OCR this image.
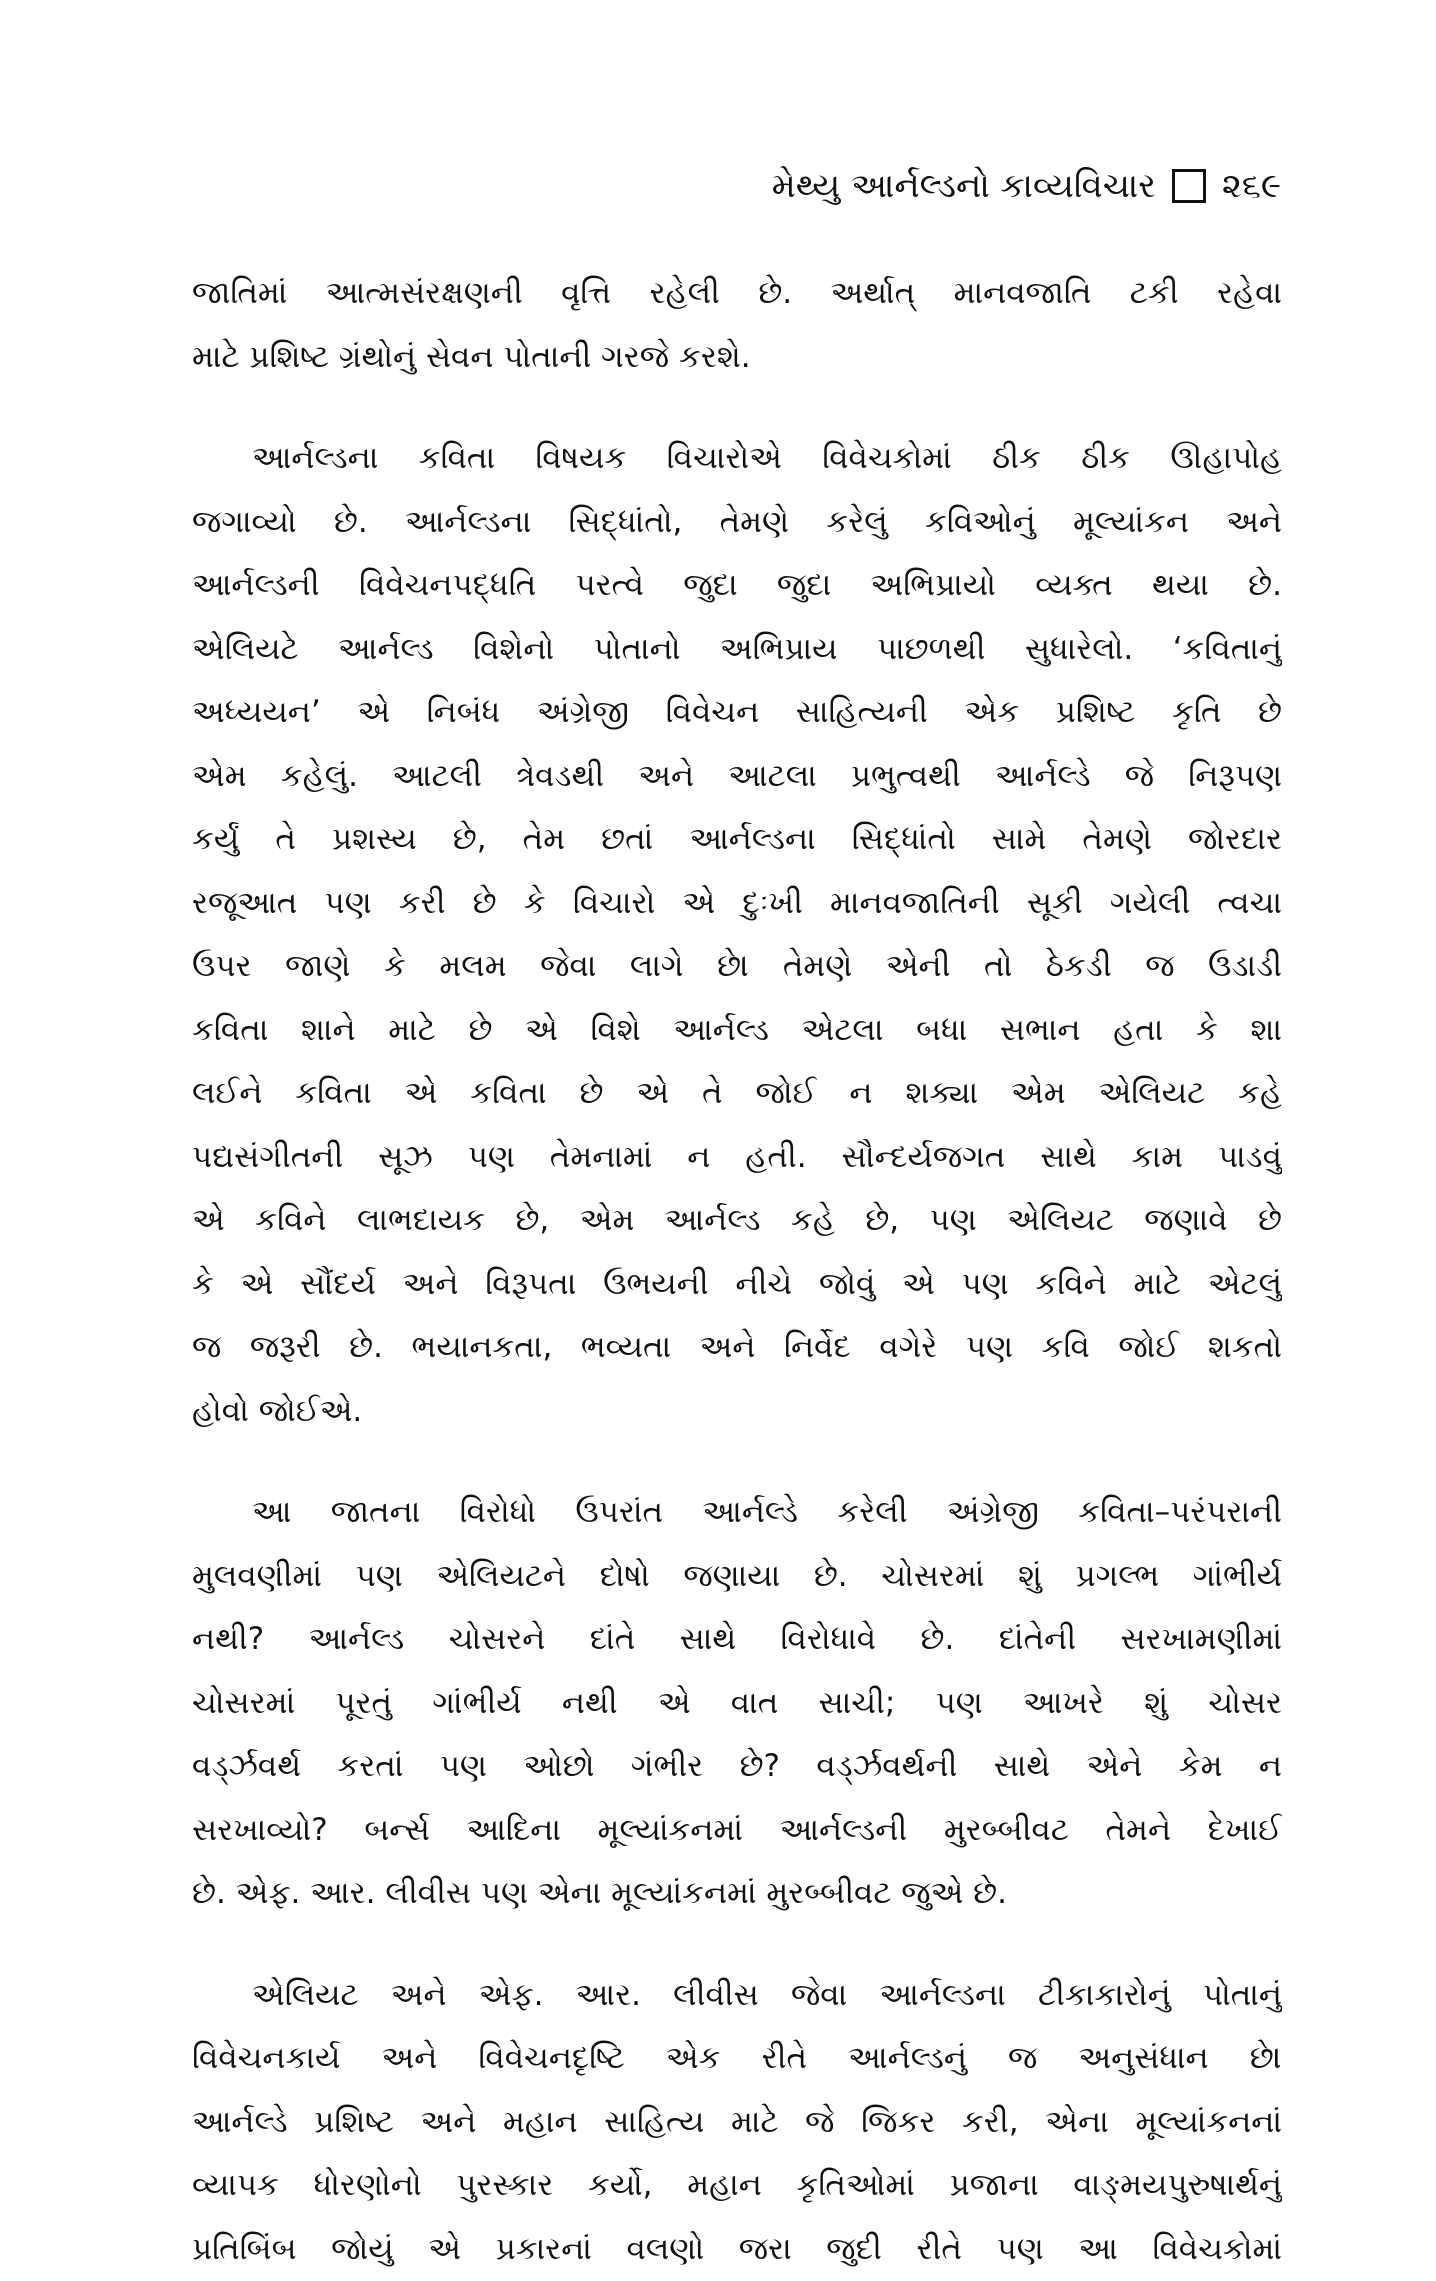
મેથ્યુ આર્નલ્ડનો કાવ્યવિચાર ૨૬૯

જાતિમાં આત્મસંરક્ષણની વૃત્તિ રહેલી છે. અર્થાત્ માનવજાતિ ટકી રહેવા
માટે પ્રશિષ્ટ ગ્રંથોનું સેવન પોતાની ગરજે કરશે.

આર્નલ્ડના કવિતા વિષયક વિચારોએ વિવેચકોમાં ઠીક ઠીક ઊહાપોહ
જગાવ્યો છે. આર્નલ્ડના સિદ્ધાંતો, તેમણે કરેલું કવિઓનું મૂલ્યાંકન અને
આર્નલ્ડની વિવેચનપદ્ધતિ પરત્વે જુદા જુદા અભિપ્રાયો વ્યક્ત થયા છે.
એલિયટે આર્નલ્ડ વિશેનો પોતાનો અભિપ્રાય પાછળથી સુધારેલો. ‘કવિતાનું
અધ્યયન’ એ નિબંધ અંગ્રેજી વિવેચન સાહિત્યની એક પ્રશિષ્ટ કૃતિ છે
એમ કહેલું. આટલી ત્રેવડથી અને આટલા પ્રભુત્વથી આર્નલ્ડે જે નિરૂપણ
કર્યું તે પ્રશસ્ય છે, તેમ છતાં આર્નલ્ડના સિદ્ધાંતો સામે તેમણે જોરદાર
રજૂઆત પણ કરી છે કે વિચારો એ દુઃખી માનવજાતિની સૂકી ગયેલી ત્વચા
ઉપર જાણે કે મલમ જેવા લાગે છે। તેમણે એની તો ઠેકડી જ ઉડાડી
કવિતા શાને માટે છે એ વિશે આર્નલ્ડ એટલા બધા સભાન હતા કે શા
લઈને કવિતા એ કવિતા છે એ તે જોઈ ન શક્યા એમ એલિયટ કહે
પદ્યસંગીતની સૂઝ પણ તેમનામાં ન હતી. સૌન્દર્યજગત સાથે કામ પાડવું
એ કવિને લાભદાયક છે, એમ આર્નલ્ડ કહે છે, પણ એલિયટ જણાવે છે
કે એ સૌંદર્ય અને વિરૂપતા ઉભયની નીચે જોવું એ પણ કવિને માટે એટલું
જ જરૂરી છે. ભયાનકતા, ભવ્યતા અને નિર્વેદ વગેરે પણ કવિ જોઈ શકતો
હોવો જોઈએ.

આ જાતના વિરોધો ઉપરાંત આર્નલ્ડે કરેલી અંગ્રેજી કવિતા–પરંપરાની
મુલવણીમાં પણ એલિયટને દોષો જણાયા છે. ચોસરમાં શું પ્રગલ્ભ ગાંભીર્ય
નથી? આર્નલ્ડ ચોસરને દાંતે સાથે વિરોધાવે છે. દાંતેની સરખામણીમાં
ચોસરમાં પૂરતું ગાંભીર્ય નથી એ વાત સાચી; પણ આખરે શું ચોસર
વર્ડ્ઝવર્થ કરતાં પણ ઓછો ગંભીર છે? વર્ડ્ઝવર્થની સાથે એને કેમ ન
સરખાવ્યો? બર્ન્સ આદિના મૂલ્યાંકનમાં આર્નલ્ડની મુરબ્બીવટ તેમને દેખાઈ
છે. એફ. આર. લીવીસ પણ એના મૂલ્યાંકનમાં મુરબ્બીવટ જુએ છે.

એલિયટ અને એફ. આર. લીવીસ જેવા આર્નલ્ડના ટીકાકારોનું પોતાનું
વિવેચનકાર્ય અને વિવેચનદૃષ્ટિ એક રીતે આર્નલ્ડનું જ અનુસંધાન છે।
આર્નલ્ડે પ્રશિષ્ટ અને મહાન સાહિત્ય માટે જે જિકર કરી, એના મૂલ્યાંકનનાં
વ્યાપક ધોરણોનો પુરસ્કાર કર્યો, મહાન કૃતિઓમાં પ્રજાના વાઙ્મયપુરુષાર્થનું
પ્રતિબિંબ જોયું એ પ્રકારનાં વલણો જરા જુદી રીતે પણ આ વિવેચકોમાં
